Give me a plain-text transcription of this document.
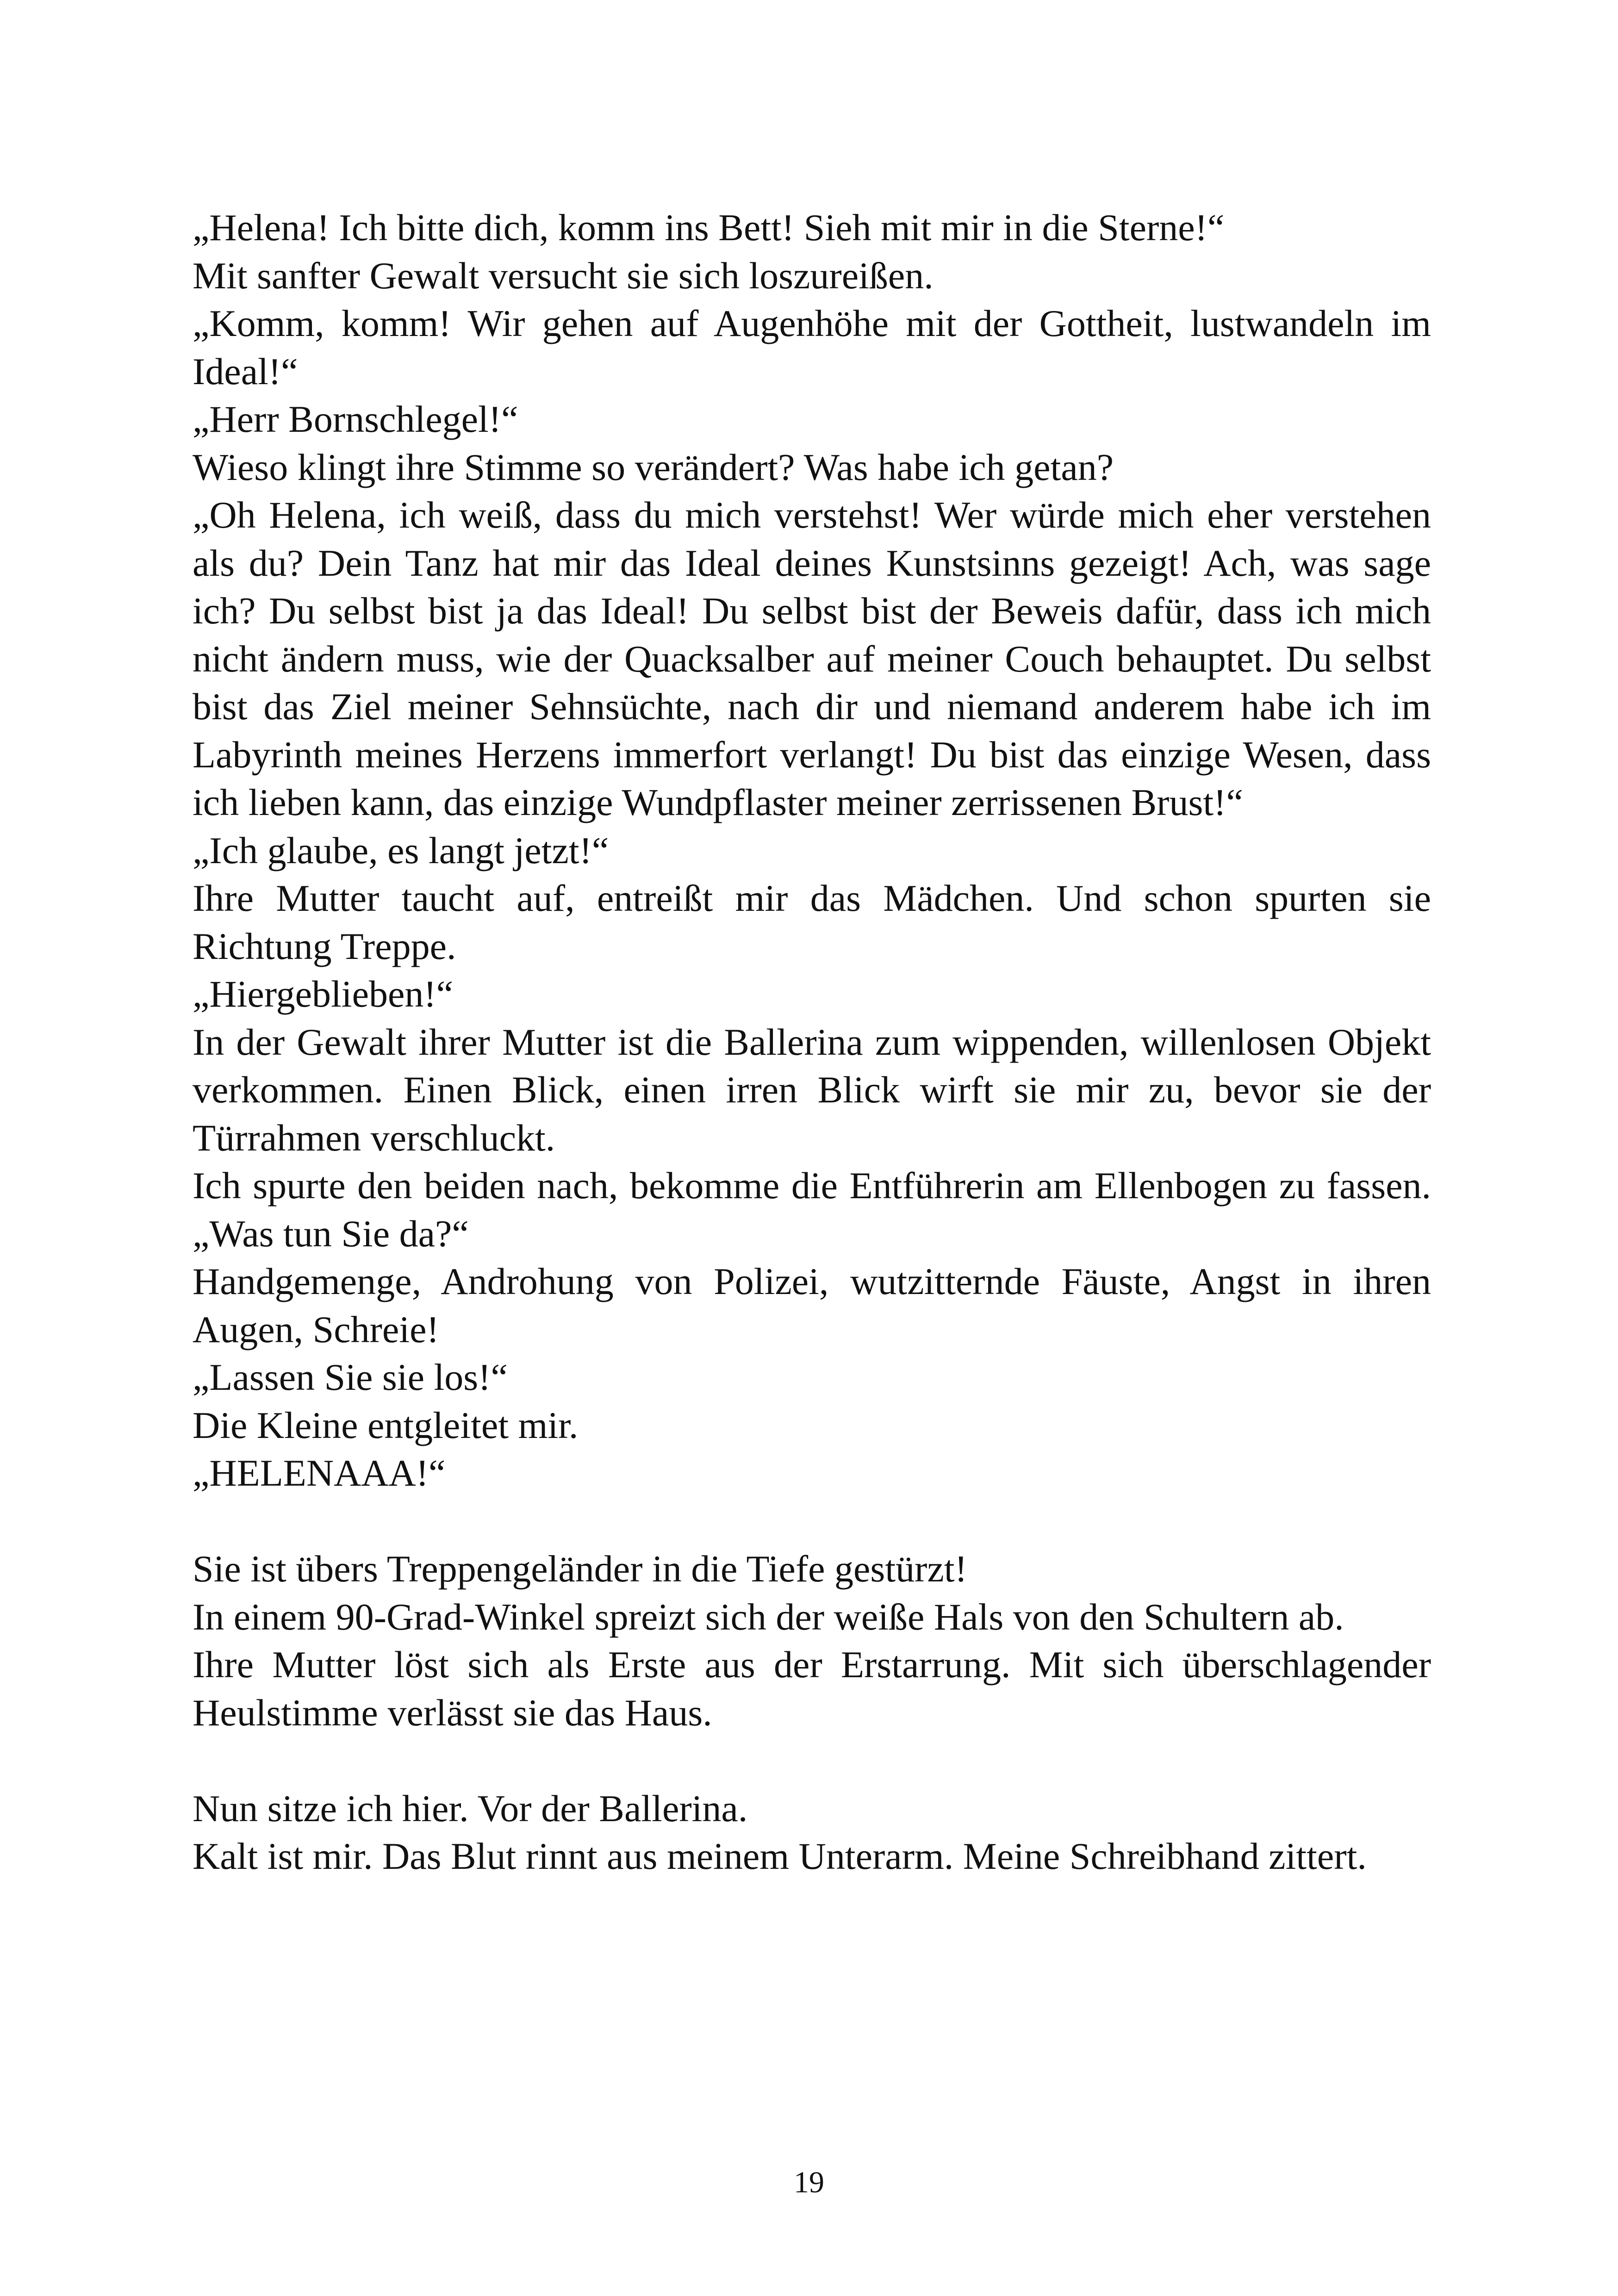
„Helena! Ich bitte dich, komm ins Bett! Sieh mit mir in die Sterne!“

Mit sanfter Gewalt versucht sie sich loszureißen.

„Komm, komm! Wir gehen auf Augenhöhe mit der Gottheit, lustwandeln im Ideal!“

„Herr Bornschlegel!“

Wieso klingt ihre Stimme so verändert? Was habe ich getan?

„Oh Helena, ich weiß, dass du mich verstehst! Wer würde mich eher verstehen als du? Dein Tanz hat mir das Ideal deines Kunstsinns gezeigt! Ach, was sage ich? Du selbst bist ja das Ideal! Du selbst bist der Beweis dafür, dass ich mich nicht ändern muss, wie der Quacksalber auf meiner Couch behauptet. Du selbst bist das Ziel meiner Sehnsüchte, nach dir und niemand anderem habe ich im Labyrinth meines Herzens immerfort verlangt! Du bist das einzige Wesen, dass ich lieben kann, das einzige Wundpflaster meiner zerrissenen Brust!“

„Ich glaube, es langt jetzt!“

Ihre Mutter taucht auf, entreißt mir das Mädchen. Und schon spurten sie Richtung Treppe.

„Hiergeblieben!“

In der Gewalt ihrer Mutter ist die Ballerina zum wippenden, willenlosen Objekt verkommen. Einen Blick, einen irren Blick wirft sie mir zu, bevor sie der Türrahmen verschluckt.

Ich spurte den beiden nach, bekomme die Entführerin am Ellenbogen zu fassen. „Was tun Sie da?“

Handgemenge, Androhung von Polizei, wutzitternde Fäuste, Angst in ihren Augen, Schreie!

„Lassen Sie sie los!“

Die Kleine entgleitet mir.

„HELENAAA!“

Sie ist übers Treppengeländer in die Tiefe gestürzt!

In einem 90-Grad-Winkel spreizt sich der weiße Hals von den Schultern ab.

Ihre Mutter löst sich als Erste aus der Erstarrung. Mit sich überschlagender Heulstimme verlässt sie das Haus.

Nun sitze ich hier. Vor der Ballerina.

Kalt ist mir. Das Blut rinnt aus meinem Unterarm. Meine Schreibhand zittert.

19
